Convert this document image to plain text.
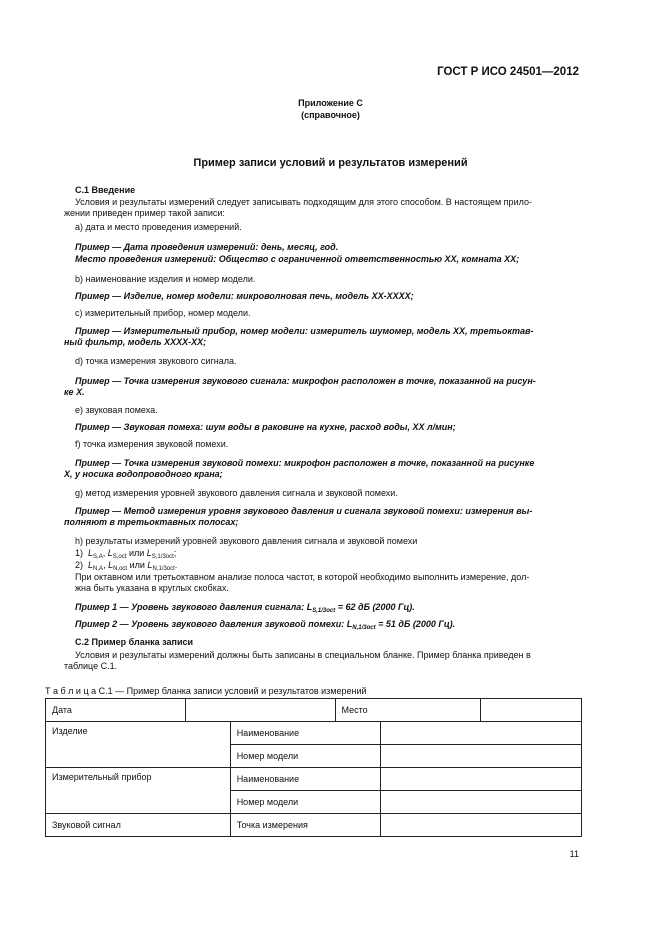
ГОСТ Р ИСО 24501—2012
Приложение С
(справочное)
Пример записи условий и результатов измерений
С.1 Введение
Условия и результаты измерений следует записывать подходящим для этого способом. В настоящем прило-
жении приведен пример такой записи:
а) дата и место проведения измерений.
Пример — Дата проведения измерений: день, месяц, год.
Место проведения измерений: Общество с ограниченной ответственностью ХХ, комната ХХ;
b) наименование изделия и номер модели.
Пример — Изделие, номер модели: микроволновая печь, модель ХХ-ХХХХ;
с) измерительный прибор, номер модели.
Пример — Измерительный прибор, номер модели: измеритель шумомер, модель ХХ, третьоктав-
ный фильтр, модель ХХХХ-ХХ;
d) точка измерения звукового сигнала.
Пример — Точка измерения звукового сигнала: микрофон расположен в точке, показанной на рисун-
ке Х.
е) звуковая помеха.
Пример — Звуковая помеха: шум воды в раковине на кухне, расход воды, ХХ л/мин;
f) точка измерения звуковой помехи.
Пример — Точка измерения звуковой помехи: микрофон расположен в точке, показанной на рисунке
Х, у носика водопроводного крана;
g) метод измерения уровней звукового давления сигнала и звуковой помехи.
Пример — Метод измерения уровня звукового давления и сигнала звуковой помехи: измерения вы-
полняют в третьоктавных полосах;
h) результаты измерений уровней звукового давления сигнала и звуковой помехи
1) $L_{S,A}$, $L_{S,oct}$ или $L_{S,1/3oct}$;
2) $L_{N,A}$, $L_{N,oct}$ или $L_{N,1/3oct}$.
При октавном или третьоктавном анализе полоса частот, в которой необходимо выполнить измерение, дол-
жна быть указана в круглых скобках.
Пример 1 — Уровень звукового давления сигнала: $L_{S,1/3oct} = 62$ дБ (2000 Гц).
Пример 2 — Уровень звукового давления звуковой помехи: $L_{N,1/3oct} = 51$ дБ (2000 Гц).
С.2 Пример бланка записи
Условия и результаты измерений должны быть записаны в специальном бланке. Пример бланка приведен в
таблице С.1.
Т а б л и ц а С.1 — Пример бланка записи условий и результатов измерений
Дата			Место		
Изделие		Наименование			
		Номер модели			
Измерительный прибор		Наименование			
		Номер модели			
Звуковой сигнал		Точка измерения			
11
